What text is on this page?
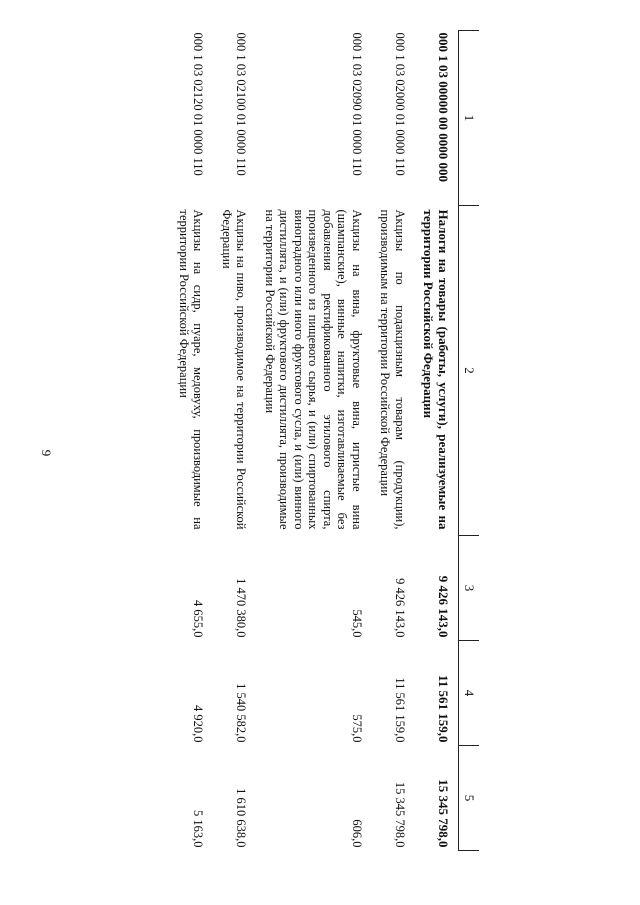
9
1	2	3	4	5
000 1 03 00000 00 0000 000	Налоги на товары (работы, услуги), реализуемые на территории Российской Федерации	9 426 143,0	11 561 159,0	15 345 798,0
000 1 03 02000 01 0000 110	Акцизы по подакцизным товарам (продукции), производимым на территории Российской Федерации	9 426 143,0	11 561 159,0	15 345 798,0
000 1 03 02090 01 0000 110	Акцизы на вина, фруктовые вина, игристые вина (шампанские), винные напитки, изготавливаемые без добавления ректификованного этилового спирта, произведенного из пищевого сырья, и (или) спиртованных виноградного или иного фруктового сусла, и (или) винного дистиллята, и (или) фруктового дистиллята, производимые на территории Российской Федерации	545,0	575,0	606,0
000 1 03 02100 01 0000 110	Акцизы на пиво, производимое на территории Российской Федерации	1 470 380,0	1 540 582,0	1 610 638,0
000 1 03 02120 01 0000 110	Акцизы на сидр, пуаре, медовуху, производимые на территории Российской Федерации	4 655,0	4 920,0	5 163,0
